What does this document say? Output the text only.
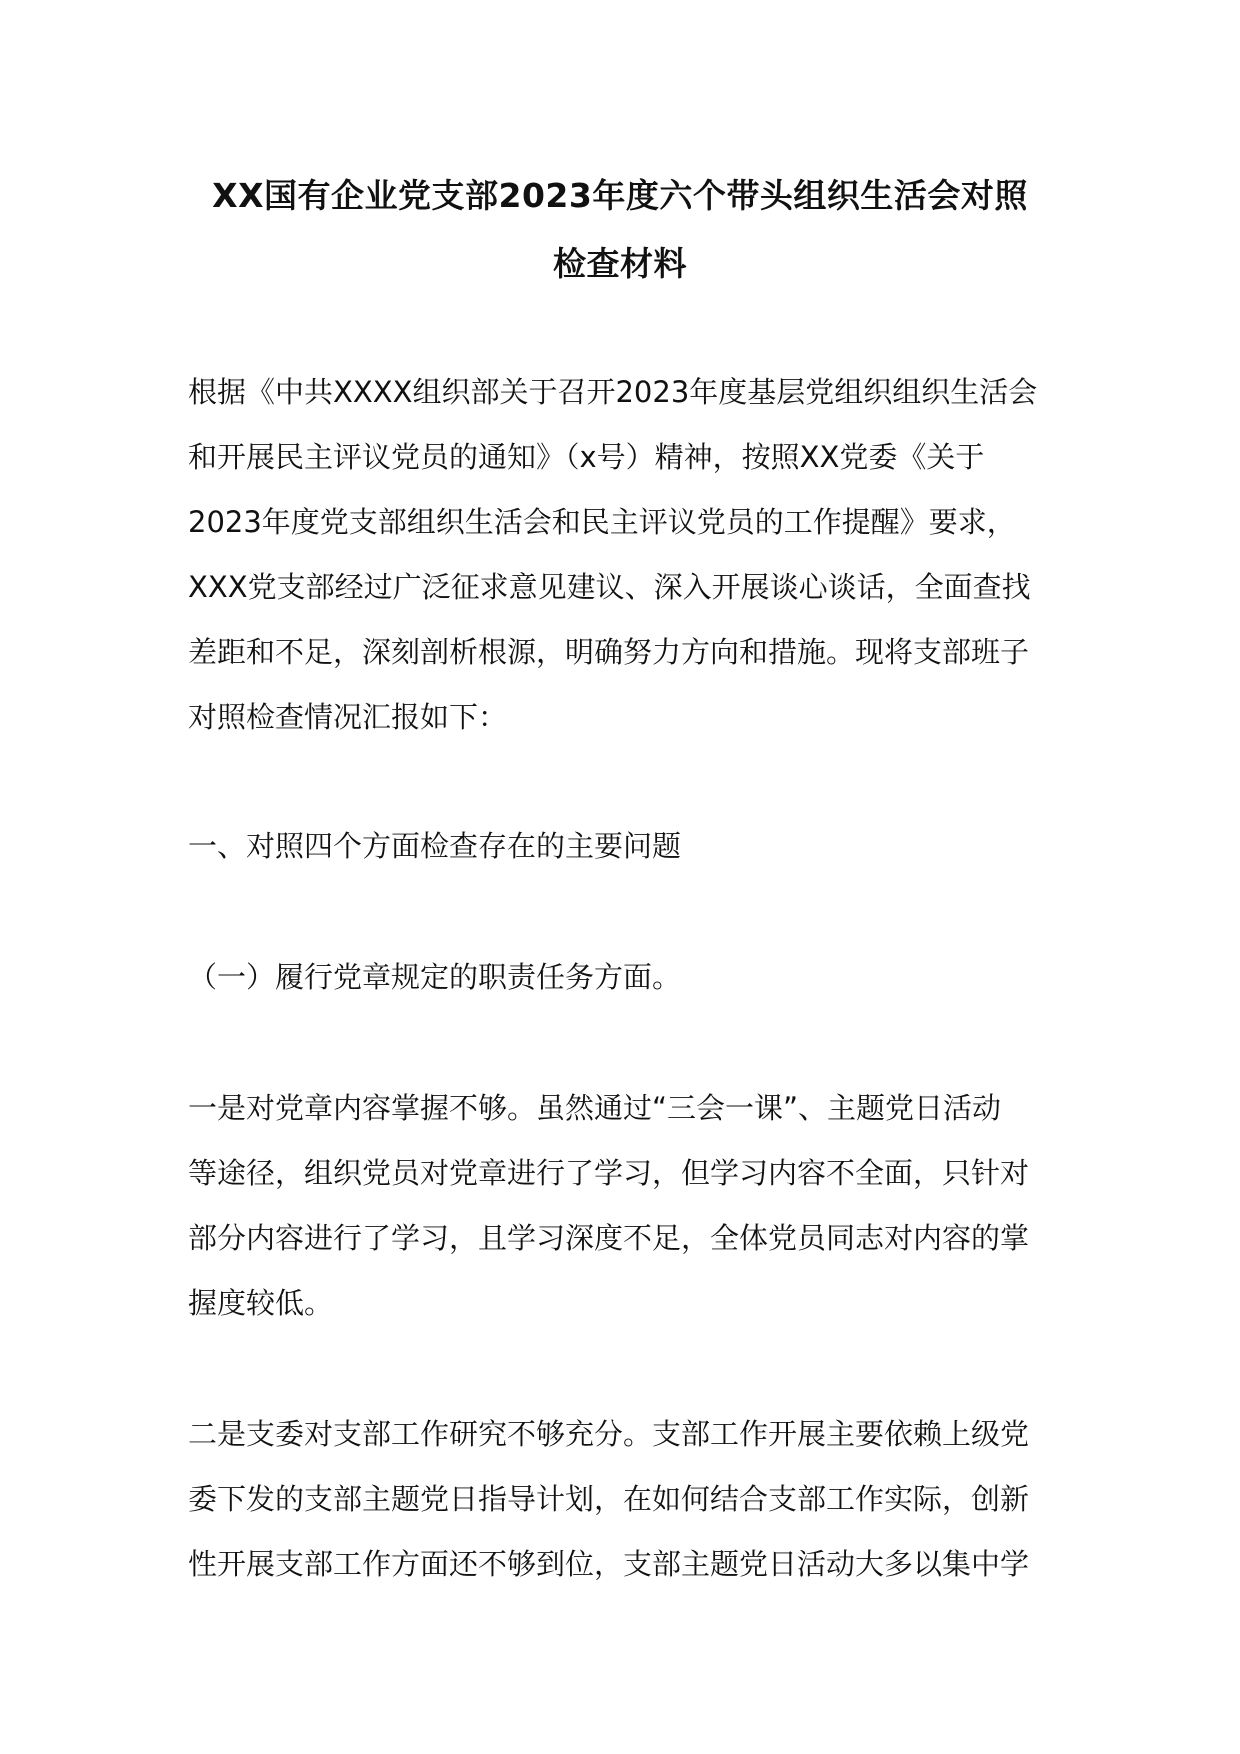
XX国有企业党支部2023年度六个带头组织生活会对照
检查材料
根据《中共XXXX组织部关于召开2023年度基层党组织组织生活会
和开展民主评议党员的通知》（x号）精神，按照XX党委《关于
2023年度党支部组织生活会和民主评议党员的工作提醒》要求，
XXX党支部经过广泛征求意见建议、深入开展谈心谈话，全面查找
差距和不足，深刻剖析根源，明确努力方向和措施。现将支部班子
对照检查情况汇报如下：
一、对照四个方面检查存在的主要问题
（一）履行党章规定的职责任务方面。
一是对党章内容掌握不够。虽然通过“三会一课”、主题党日活动
等途径，组织党员对党章进行了学习，但学习内容不全面，只针对
部分内容进行了学习，且学习深度不足，全体党员同志对内容的掌
握度较低。
二是支委对支部工作研究不够充分。支部工作开展主要依赖上级党
委下发的支部主题党日指导计划，在如何结合支部工作实际，创新
性开展支部工作方面还不够到位，支部主题党日活动大多以集中学
